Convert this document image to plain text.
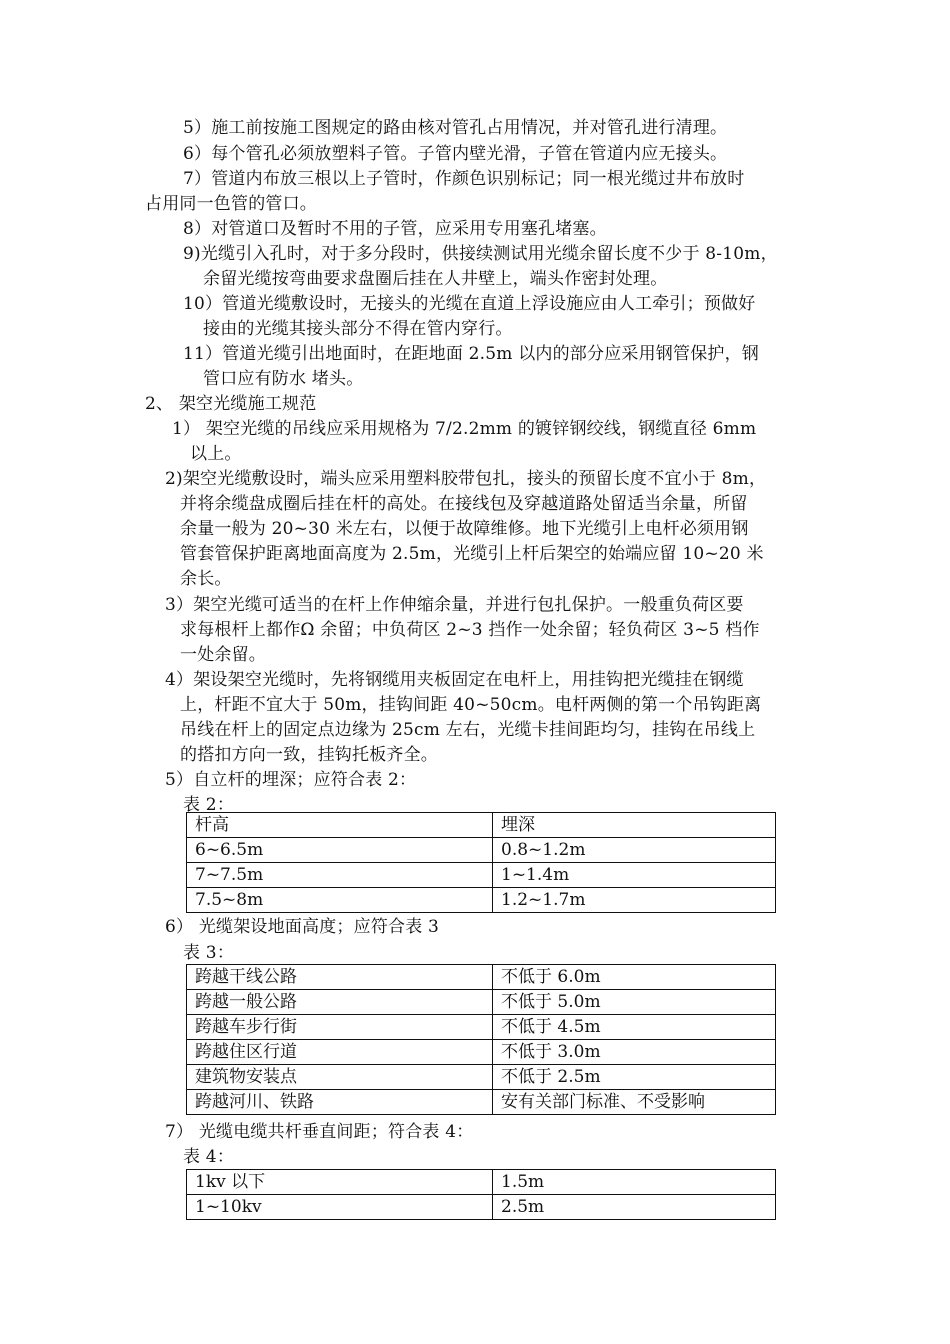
5）施工前按施工图规定的路由核对管孔占用情况，并对管孔进行清理。
6）每个管孔必须放塑料子管。子管内壁光滑，子管在管道内应无接头。
7）管道内布放三根以上子管时，作颜色识别标记；同一根光缆过井布放时
占用同一色管的管口。
8）对管道口及暂时不用的子管，应采用专用塞孔堵塞。
9)光缆引入孔时，对于多分段时，供接续测试用光缆余留长度不少于 8-10m，
余留光缆按弯曲要求盘圈后挂在人井壁上，端头作密封处理。
10）管道光缆敷设时，无接头的光缆在直道上浮设施应由人工牵引；预做好
接由的光缆其接头部分不得在管内穿行。
11）管道光缆引出地面时，在距地面 2.5m 以内的部分应采用钢管保护，钢
管口应有防水 堵头。
2、 架空光缆施工规范
1） 架空光缆的吊线应采用规格为 7/2.2mm 的镀锌钢绞线，钢缆直径 6mm
以上。
2)架空光缆敷设时，端头应采用塑料胶带包扎，接头的预留长度不宜小于 8m，
并将余缆盘成圈后挂在杆的高处。在接线包及穿越道路处留适当余量，所留
余量一般为 20~30 米左右，以便于故障维修。地下光缆引上电杆必须用钢
管套管保护距离地面高度为 2.5m，光缆引上杆后架空的始端应留 10~20 米
余长。
3）架空光缆可适当的在杆上作伸缩余量，并进行包扎保护。一般重负荷区要
求每根杆上都作Ω 余留；中负荷区 2~3 挡作一处余留；轻负荷区 3~5 档作
一处余留。
4）架设架空光缆时，先将钢缆用夹板固定在电杆上，用挂钩把光缆挂在钢缆
上，杆距不宜大于 50m，挂钩间距 40~50cm。电杆两侧的第一个吊钩距离
吊线在杆上的固定点边缘为 25cm 左右，光缆卡挂间距均匀，挂钩在吊线上
的搭扣方向一致，挂钩托板齐全。
5）自立杆的埋深；应符合表 2：
表 2：
杆高	埋深
6~6.5m	0.8~1.2m
7~7.5m	1~1.4m
7.5~8m	1.2~1.7m
6） 光缆架设地面高度；应符合表 3
表 3：
跨越干线公路	不低于 6.0m
跨越一般公路	不低于 5.0m
跨越车步行街	不低于 4.5m
跨越住区行道	不低于 3.0m
建筑物安装点	不低于 2.5m
跨越河川、铁路	安有关部门标准、不受影响
7） 光缆电缆共杆垂直间距；符合表 4：
表 4：
1kv 以下	1.5m
1~10kv	2.5m
